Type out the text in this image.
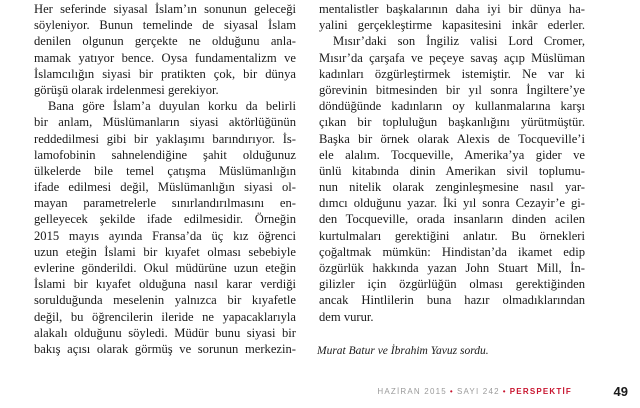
Her seferinde siyasal İslam’ın sonunun geleceği
söyleniyor. Bunun temelinde de siyasal İslam
denilen olgunun gerçekte ne olduğunu anla-
mamak yatıyor bence. Oysa fundamentalizm ve
İslamcılığın siyasi bir pratikten çok, bir dünya
görüşü olarak irdelenmesi gerekiyor.
Bana göre İslam’a duyulan korku da belirli
bir anlam, Müslümanların siyasi aktörlüğünün
reddedilmesi gibi bir yaklaşımı barındırıyor. İs-
lamofobinin sahnelendiğine şahit olduğunuz
ülkelerde bile temel çatışma Müslümanlığın
ifade edilmesi değil, Müslümanlığın siyasi ol-
mayan parametrelerle sınırlandırılmasını en-
gelleyecek şekilde ifade edilmesidir. Örneğin
2015 mayıs ayında Fransa’da üç kız öğrenci
uzun eteğin İslami bir kıyafet olması sebebiyle
evlerine gönderildi. Okul müdürüne uzun eteğin
İslami bir kıyafet olduğuna nasıl karar verdiği
sorulduğunda meselenin yalnızca bir kıyafetle
değil, bu öğrencilerin ileride ne yapacaklarıyla
alakalı olduğunu söyledi. Müdür bunu siyasi bir
bakış açısı olarak görmüş ve sorunun merkezin-
mentalistler başkalarının daha iyi bir dünya ha-
yalini gerçekleştirme kapasitesini inkâr ederler.
Mısır’daki son İngiliz valisi Lord Cromer,
Mısır’da çarşafa ve peçeye savaş açıp Müslüman
kadınları özgürleştirmek istemiştir. Ne var ki
görevinin bitmesinden bir yıl sonra İngiltere’ye
döndüğünde kadınların oy kullanmalarına karşı
çıkan bir topluluğun başkanlığını yürütmüştür.
Başka bir örnek olarak Alexis de Tocqueville’i
ele alalım. Tocqueville, Amerika’ya gider ve
ünlü kitabında dinin Amerikan sivil toplumu-
nun nitelik olarak zenginleşmesine nasıl yar-
dımcı olduğunu yazar. İki yıl sonra Cezayir’e gi-
den Tocqueville, orada insanların dinden acilen
kurtulmaları gerektiğini anlatır. Bu örnekleri
çoğaltmak mümkün: Hindistan’da ikamet edip
özgürlük hakkında yazan John Stuart Mill, İn-
gilizler için özgürlüğün olması gerektiğinden
ancak Hintlilerin buna hazır olmadıklarından
dem vurur.
Murat Batur ve İbrahim Yavuz sordu.
HAZİRAN 2015 • SAYI 242 • PERSPEKTİF	49
